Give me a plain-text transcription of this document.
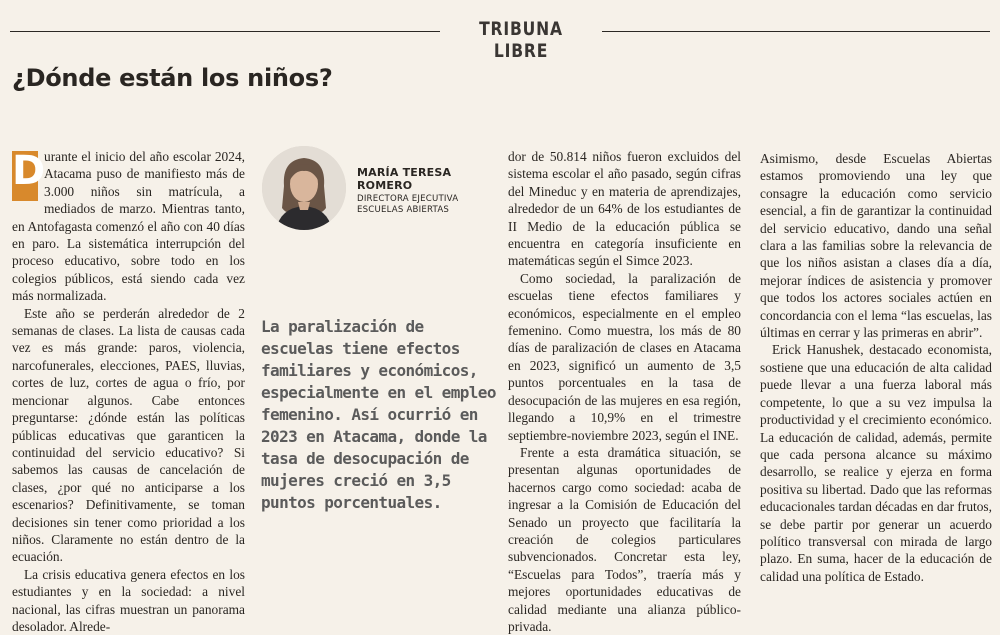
TRIBUNA LIBRE
¿Dónde están los niños?

D
urante el inicio del año escolar 2024, Atacama puso de manifiesto más de 3.000 niños sin matrícula, a mediados de marzo. Mientras tanto, en Antofagasta comenzó el año con 40 días en paro. La sistemática interrupción del proceso educativo, sobre todo en los colegios públicos, está siendo cada vez más normalizada.

Este año se perderán alrededor de 2 semanas de clases. La lista de causas cada vez es más grande: paros, violencia, narcofunerales, elecciones, PAES, lluvias, cortes de luz, cortes de agua o frío, por mencionar algunos. Cabe entonces preguntarse: ¿dónde están las políticas públicas educativas que garanticen la continuidad del servicio educativo? Si sabemos las causas de cancelación de clases, ¿por qué no anticiparse a los escenarios? Definitivamente, se toman decisiones sin tener como prioridad a los niños. Claramente no están dentro de la ecuación.

La crisis educativa genera efectos en los estudiantes y en la sociedad: a nivel nacional, las cifras muestran un panorama desolador. Alrede-

MARÍA TERESA
ROMERO
DIRECTORA EJECUTIVA
ESCUELAS ABIERTAS

La paralización de escuelas tiene efectos familiares y económicos, especialmente en el empleo femenino. Así ocurrió en 2023 en Atacama, donde la tasa de desocupación de mujeres creció en 3,5 puntos porcentuales.

dor de 50.814 niños fueron excluidos del sistema escolar el año pasado, según cifras del Mineduc y en materia de aprendizajes, alrededor de un 64% de los estudiantes de II Medio de la educación pública se encuentra en categoría insuficiente en matemáticas según el Simce 2023.

Como sociedad, la paralización de escuelas tiene efectos familiares y económicos, especialmente en el empleo femenino. Como muestra, los más de 80 días de paralización de clases en Atacama en 2023, significó un aumento de 3,5 puntos porcentuales en la tasa de desocupación de las mujeres en esa región, llegando a 10,9% en el trimestre septiembre-noviembre 2023, según el INE.

Frente a esta dramática situación, se presentan algunas oportunidades de hacernos cargo como sociedad: acaba de ingresar a la Comisión de Educación del Senado un proyecto que facilitaría la creación de colegios particulares subvencionados. Concretar esta ley, “Escuelas para Todos”, traería más y mejores oportunidades educativas de calidad mediante una alianza público-privada.

Asimismo, desde Escuelas Abiertas estamos promoviendo una ley que consagre la educación como servicio esencial, a fin de garantizar la continuidad del servicio educativo, dando una señal clara a las familias sobre la relevancia de que los niños asistan a clases día a día, mejorar índices de asistencia y promover que todos los actores sociales actúen en concordancia con el lema “las escuelas, las últimas en cerrar y las primeras en abrir”.

Erick Hanushek, destacado economista, sostiene que una educación de alta calidad puede llevar a una fuerza laboral más competente, lo que a su vez impulsa la productividad y el crecimiento económico. La educación de calidad, además, permite que cada persona alcance su máximo desarrollo, se realice y ejerza en forma positiva su libertad. Dado que las reformas educacionales tardan décadas en dar frutos, se debe partir por generar un acuerdo político transversal con mirada de largo plazo. En suma, hacer de la educación de calidad una política de Estado.
